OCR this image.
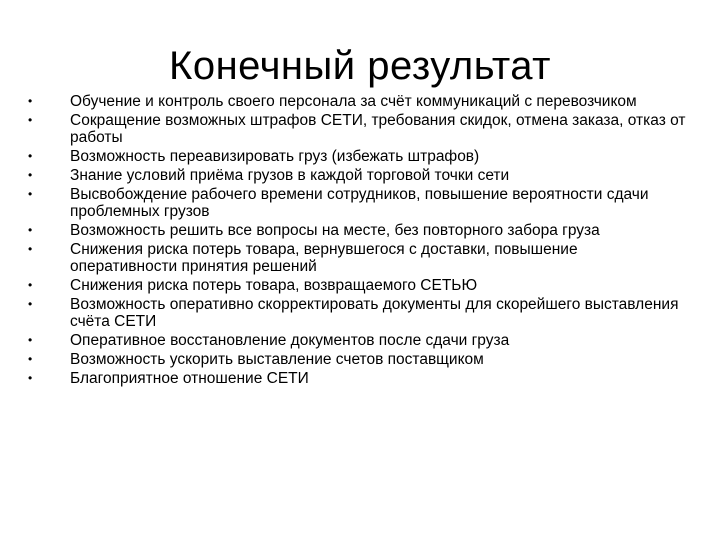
Конечный результат
•	Обучение и контроль своего персонала за счёт коммуникаций с перевозчиком
•	Сокращение возможных штрафов СЕТИ, требования скидок, отмена заказа, отказ от работы
•	Возможность переавизировать груз (избежать штрафов)
•	Знание условий приёма грузов в каждой торговой точки сети
•	Высвобождение рабочего времени сотрудников, повышение вероятности сдачи проблемных грузов
•	Возможность решить все вопросы на месте, без повторного забора груза
•	Снижения риска потерь товара, вернувшегося с доставки, повышение оперативности принятия решений
•	Снижения риска потерь товара, возвращаемого СЕТЬЮ
•	Возможность оперативно скорректировать документы для скорейшего выставления счёта СЕТИ
•	Оперативное восстановление документов после сдачи груза
•	Возможность ускорить выставление счетов поставщиком
•	Благоприятное отношение СЕТИ
